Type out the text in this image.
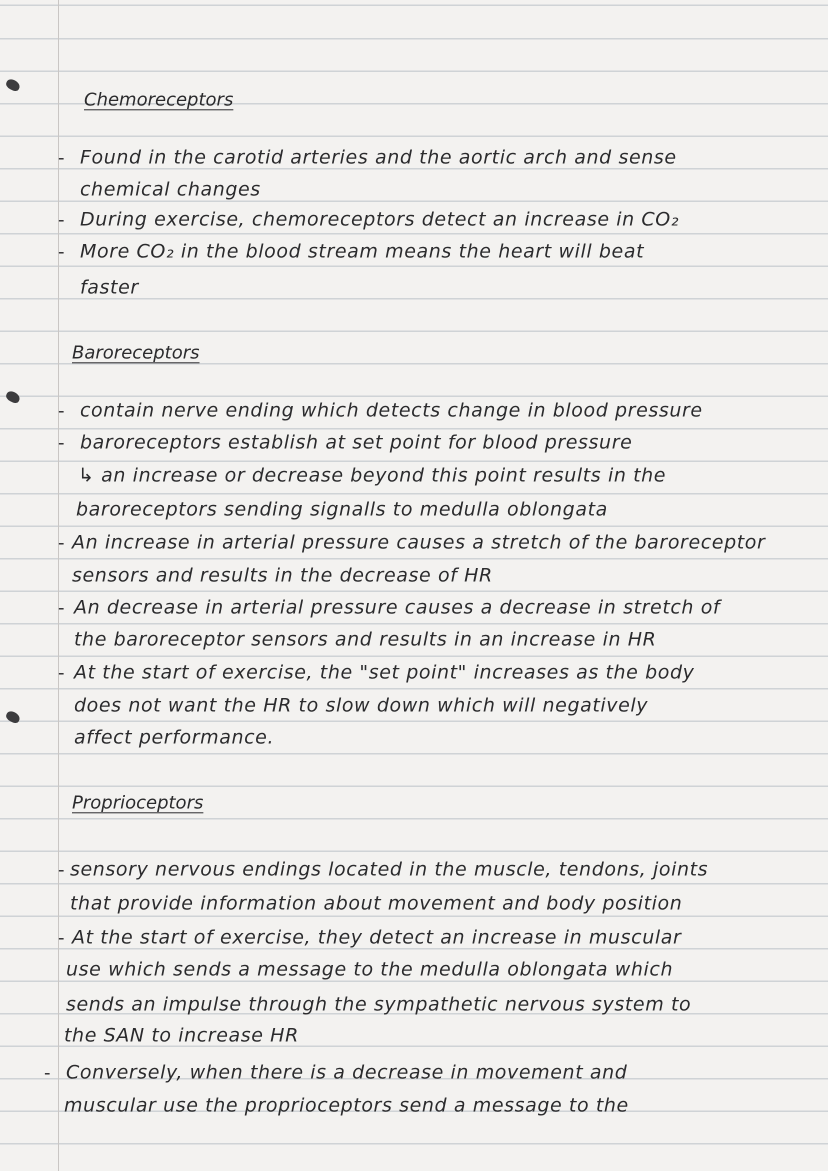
Chemoreceptors
- Found in the carotid arteries and the aortic arch and sense
chemical changes
- During exercise, chemoreceptors detect an increase in CO₂
- More CO₂ in the blood stream means the heart will beat
faster
Baroreceptors
- contain nerve ending which detects change in blood pressure
- baroreceptors establish at set point for blood pressure
↳ an increase or decrease beyond this point results in the
baroreceptors sending signalls to medulla oblongata
- An increase in arterial pressure causes a stretch of the baroreceptor
sensors and results in the decrease of HR
- An decrease in arterial pressure causes a decrease in stretch of
the baroreceptor sensors and results in an increase in HR
- At the start of exercise, the "set point" increases as the body
does not want the HR to slow down which will negatively
affect performance.
Proprioceptors
- sensory nervous endings located in the muscle, tendons, joints
that provide information about movement and body position
- At the start of exercise, they detect an increase in muscular
use which sends a message to the medulla oblongata which
sends an impulse through the sympathetic nervous system to
the SAN to increase HR
- Conversely, when there is a decrease in movement and
muscular use the proprioceptors send a message to the
